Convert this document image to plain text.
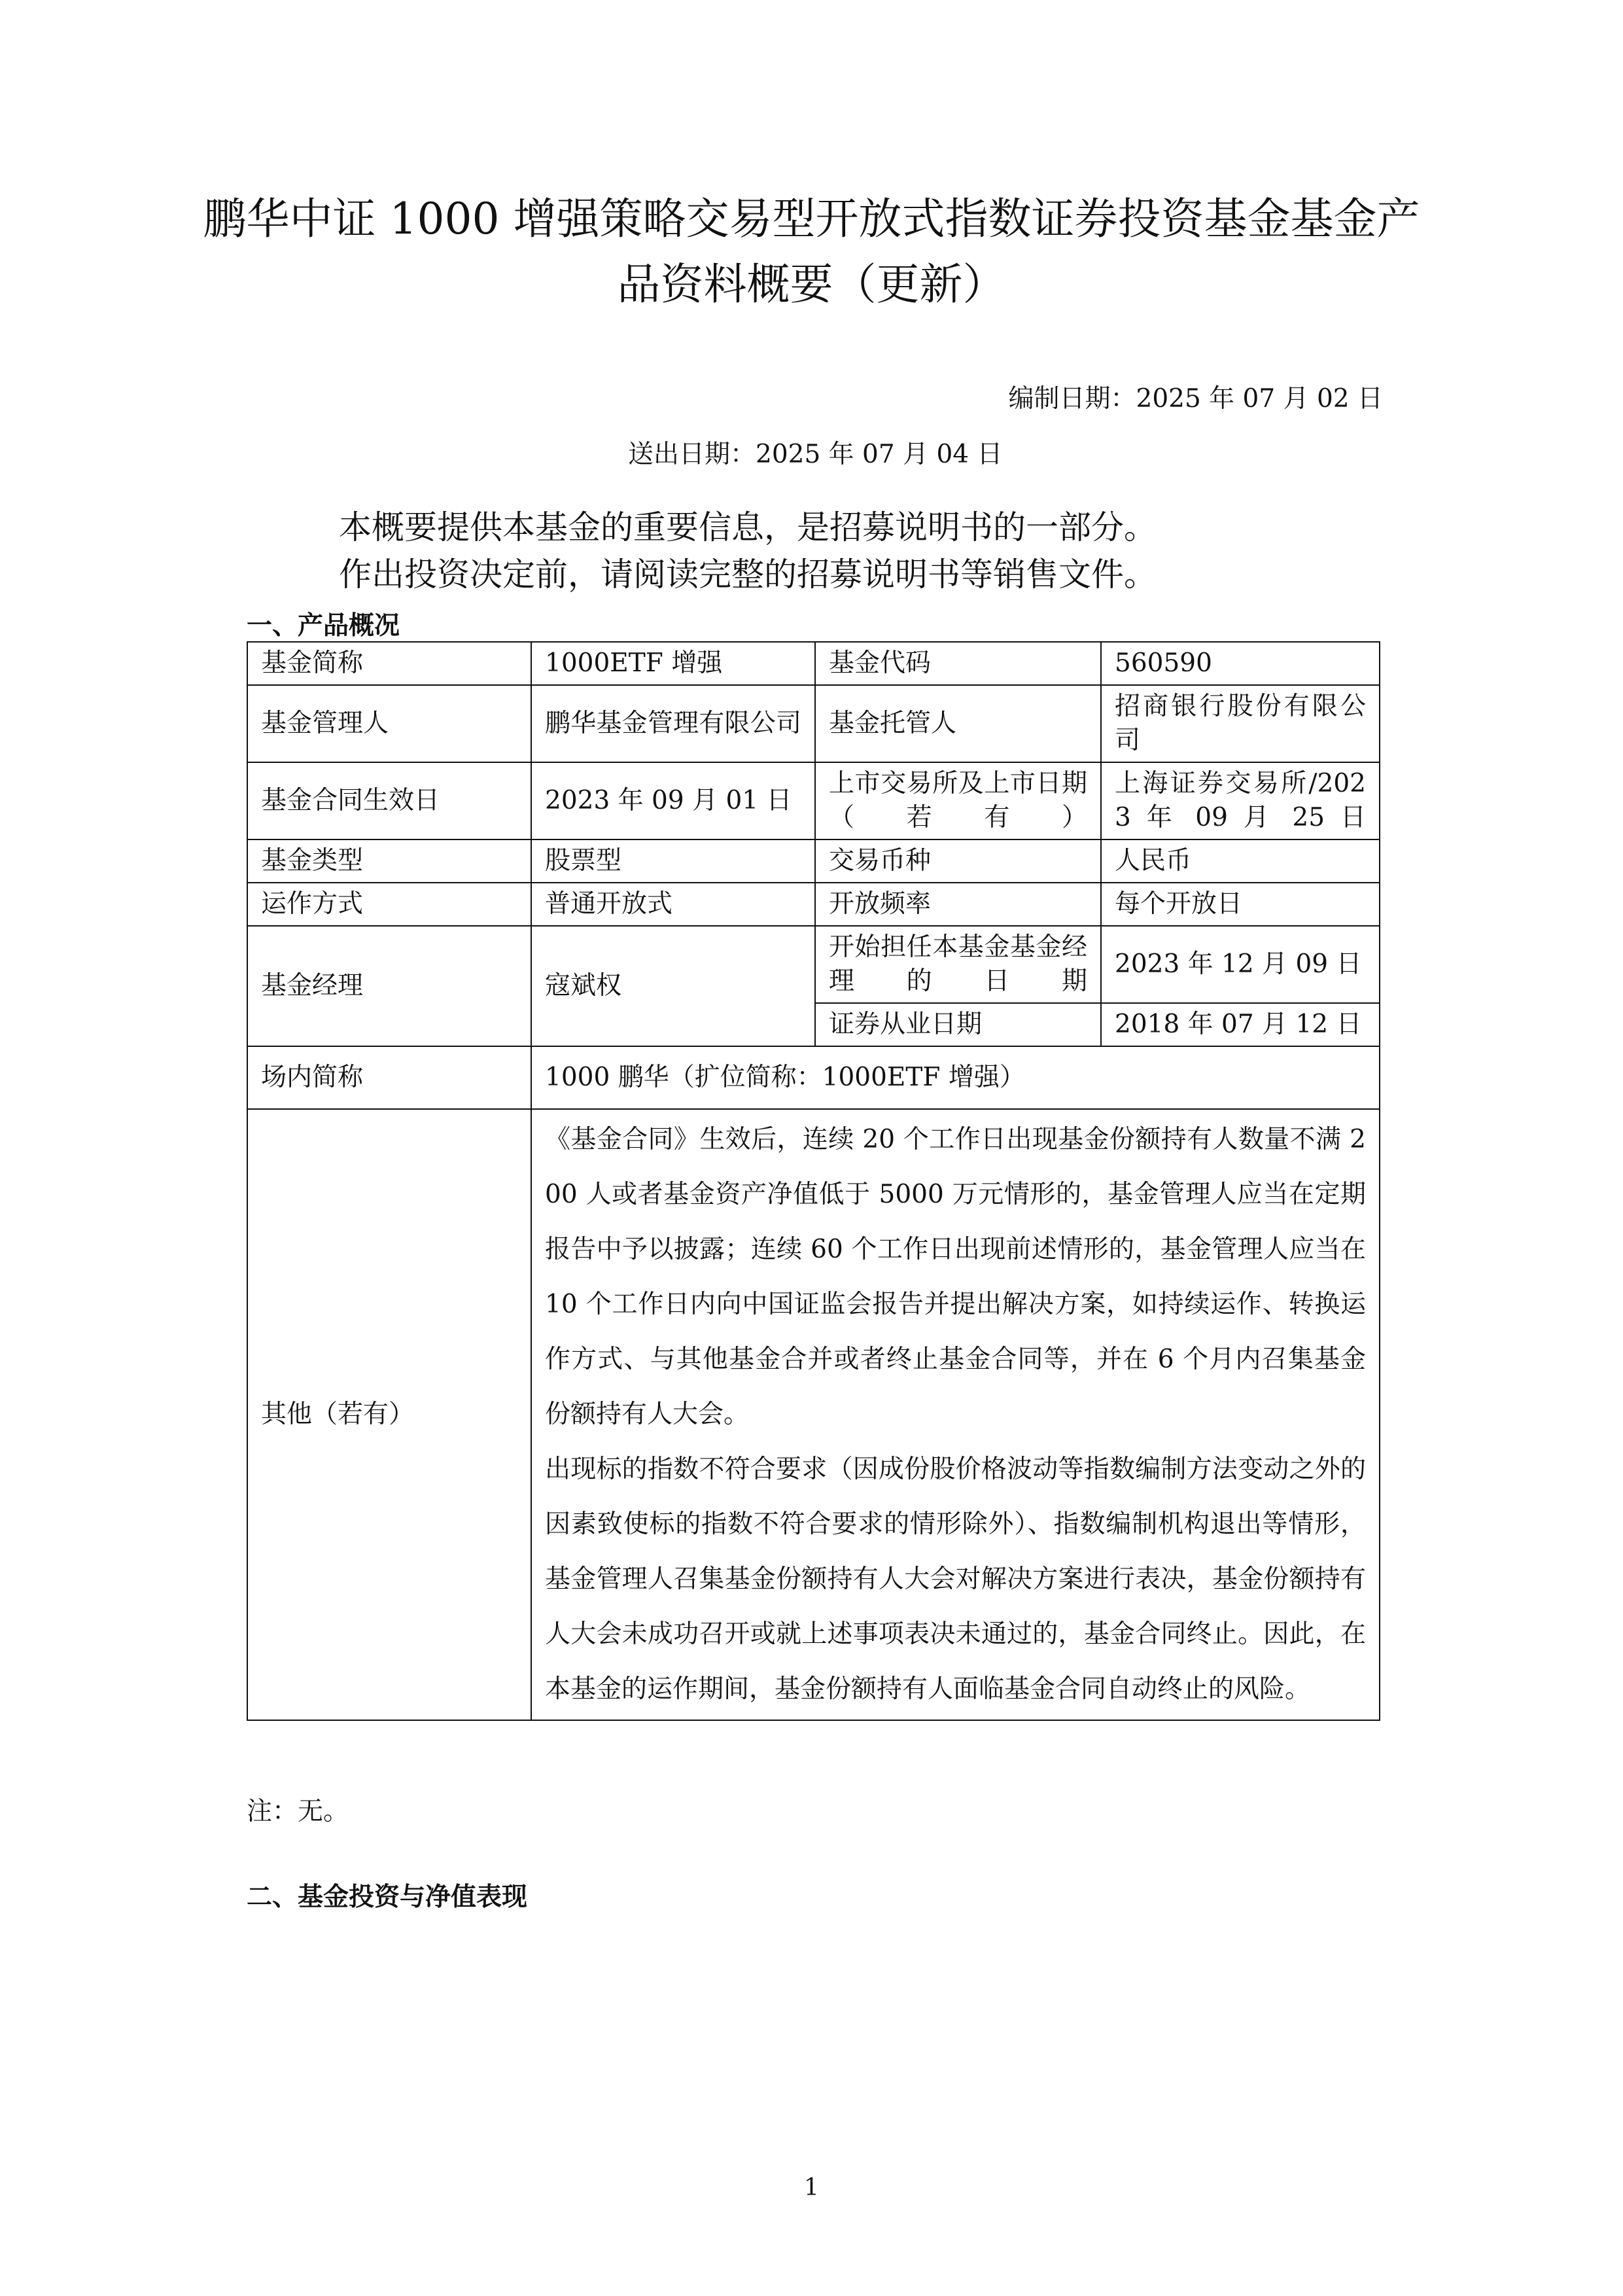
鹏华中证 1000 增强策略交易型开放式指数证券投资基金基金产品资料概要（更新）
编制日期：2025 年 07 月 02 日
送出日期：2025 年 07 月 04 日
本概要提供本基金的重要信息，是招募说明书的一部分。
作出投资决定前，请阅读完整的招募说明书等销售文件。
一、产品概况
基金简称	1000ETF 增强	基金代码	560590
基金管理人	鹏华基金管理有限公司	基金托管人	招商银行股份有限公司
基金合同生效日	2023 年 09 月 01 日	上市交易所及上市日期（若有）	上海证券交易所/2023 年 09 月 25 日
基金类型	股票型	交易币种	人民币
运作方式	普通开放式	开放频率	每个开放日
基金经理	寇斌权	开始担任本基金基金经理的日期	2023 年 12 月 09 日
		证券从业日期	2018 年 07 月 12 日
场内简称	1000 鹏华（扩位简称：1000ETF 增强）		
其他（若有）	《基金合同》生效后，连续 20 个工作日出现基金份额持有人数量不满 200 人或者基金资产净值低于 5000 万元情形的，基金管理人应当在定期报告中予以披露；连续 60 个工作日出现前述情形的，基金管理人应当在 10 个工作日内向中国证监会报告并提出解决方案，如持续运作、转换运作方式、与其他基金合并或者终止基金合同等，并在 6 个月内召集基金份额持有人大会。

出现标的指数不符合要求（因成份股价格波动等指数编制方法变动之外的因素致使标的指数不符合要求的情形除外）、指数编制机构退出等情形，基金管理人召集基金份额持有人大会对解决方案进行表决，基金份额持有人大会未成功召开或就上述事项表决未通过的，基金合同终止。因此，在本基金的运作期间，基金份额持有人面临基金合同自动终止的风险。		

注：无。
二、基金投资与净值表现
1
